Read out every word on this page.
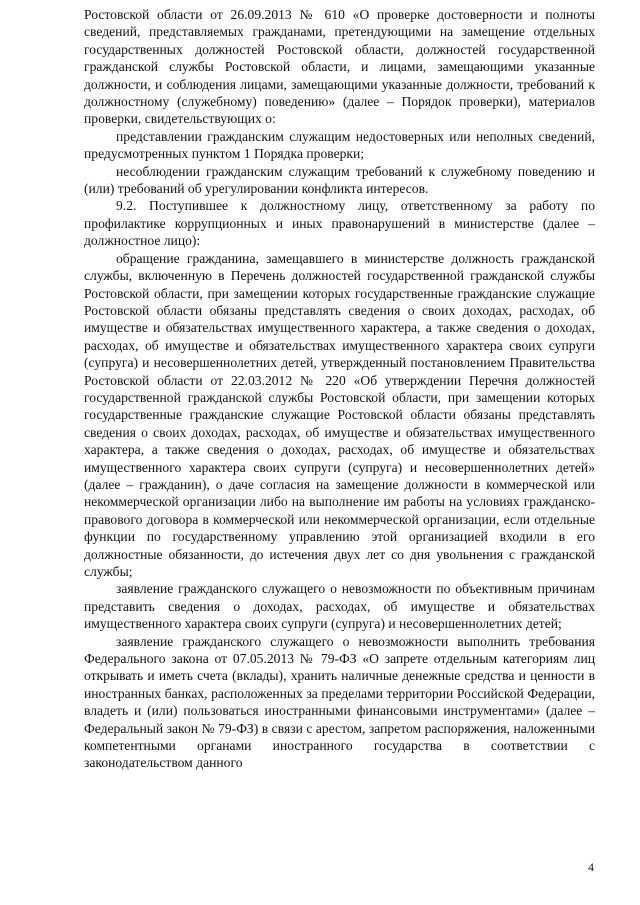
Ростовской области от 26.09.2013 № 610 «О проверке достоверности и полноты сведений, представляемых гражданами, претендующими на замещение отдельных государственных должностей Ростовской области, должностей государственной гражданской службы Ростовской области, и лицами, замещающими указанные должности, и соблюдения лицами, замещающими указанные должности, требований к должностному (служебному) поведению» (далее – Порядок проверки), материалов проверки, свидетельствующих о:

представлении гражданским служащим недостоверных или неполных сведений, предусмотренных пунктом 1 Порядка проверки;

несоблюдении гражданским служащим требований к служебному поведению и (или) требований об урегулировании конфликта интересов.

9.2. Поступившее к должностному лицу, ответственному за работу по профилактике коррупционных и иных правонарушений в министерстве (далее – должностное лицо):

обращение гражданина, замещавшего в министерстве должность гражданской службы, включенную в Перечень должностей государственной гражданской службы Ростовской области, при замещении которых государственные гражданские служащие Ростовской области обязаны представлять сведения о своих доходах, расходах, об имуществе и обязательствах имущественного характера, а также сведения о доходах, расходах, об имуществе и обязательствах имущественного характера своих супруги (супруга) и несовершеннолетних детей, утвержденный постановлением Правительства Ростовской области от 22.03.2012 № 220 «Об утверждении Перечня должностей государственной гражданской службы Ростовской области, при замещении которых государственные гражданские служащие Ростовской области обязаны представлять сведения о своих доходах, расходах, об имуществе и обязательствах имущественного характера, а также сведения о доходах, расходах, об имуществе и обязательствах имущественного характера своих супруги (супруга) и несовершеннолетних детей» (далее – гражданин), о даче согласия на замещение должности в коммерческой или некоммерческой организации либо на выполнение им работы на условиях гражданско-правового договора в коммерческой или некоммерческой организации, если отдельные функции по государственному управлению этой организацией входили в его должностные обязанности, до истечения двух лет со дня увольнения с гражданской службы;

заявление гражданского служащего о невозможности по объективным причинам представить сведения о доходах, расходах, об имуществе и обязательствах имущественного характера своих супруги (супруга) и несовершеннолетних детей;

заявление гражданского служащего о невозможности выполнить требования Федерального закона от 07.05.2013 № 79-ФЗ «О запрете отдельным категориям лиц открывать и иметь счета (вклады), хранить наличные денежные средства и ценности в иностранных банках, расположенных за пределами территории Российской Федерации, владеть и (или) пользоваться иностранными финансовыми инструментами» (далее – Федеральный закон № 79-ФЗ) в связи с арестом, запретом распоряжения, наложенными компетентными органами иностранного государства в соответствии с законодательством данного

4
